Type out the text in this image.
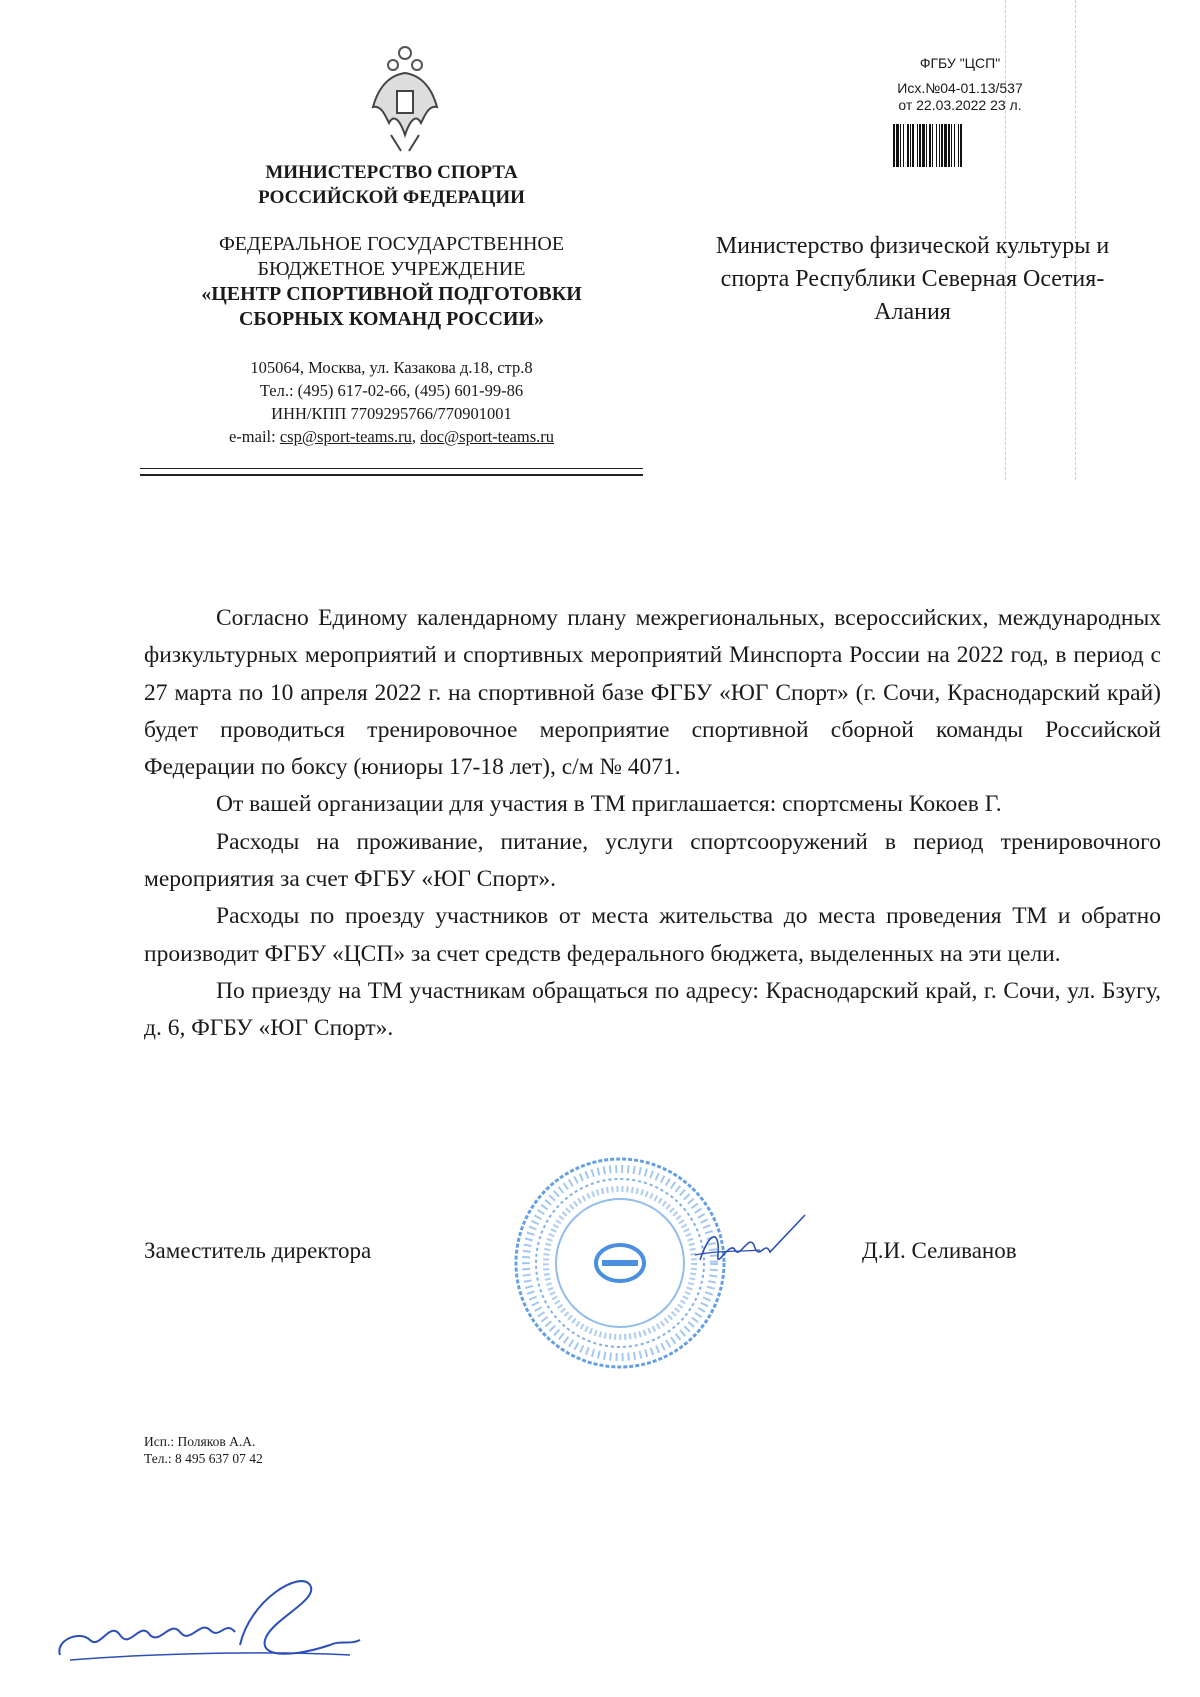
МИНИСТЕРСТВО СПОРТА
РОССИЙСКОЙ ФЕДЕРАЦИИ
ФЕДЕРАЛЬНОЕ ГОСУДАРСТВЕННОЕ
БЮДЖЕТНОЕ УЧРЕЖДЕНИЕ
«ЦЕНТР СПОРТИВНОЙ ПОДГОТОВКИ
СБОРНЫХ КОМАНД РОССИИ»
105064, Москва, ул. Казакова д.18, стр.8
Тел.: (495) 617-02-66, (495) 601-99-86
ИНН/КПП 7709295766/770901001
e-mail: csp@sport-teams.ru, doc@sport-teams.ru
ФГБУ "ЦСП"
Исх.№04-01.13/537
от 22.03.2022 23 л.
Министерство физической культуры и
спорта Республики Северная Осетия-
Алания

Согласно Единому календарному плану межрегиональных, всероссийских, международных физкультурных мероприятий и спортивных мероприятий Минспорта России на 2022 год, в период с 27 марта по 10 апреля 2022 г. на спортивной базе ФГБУ «ЮГ Спорт» (г. Сочи, Краснодарский край) будет проводиться тренировочное мероприятие спортивной сборной команды Российской Федерации по боксу (юниоры 17-18 лет), с/м № 4071.

От вашей организации для участия в ТМ приглашается: спортсмены Кокоев Г.

Расходы на проживание, питание, услуги спортсооружений в период тренировочного мероприятия за счет ФГБУ «ЮГ Спорт».

Расходы по проезду участников от места жительства до места проведения ТМ и обратно производит ФГБУ «ЦСП» за счет средств федерального бюджета, выделенных на эти цели.

По приезду на ТМ участникам обращаться по адресу: Краснодарский край, г. Сочи, ул. Бзугу, д. 6, ФГБУ «ЮГ Спорт».

Заместитель директора	Д.И. Селиванов
Исп.: Поляков А.А.
Тел.: 8 495 637 07 42
